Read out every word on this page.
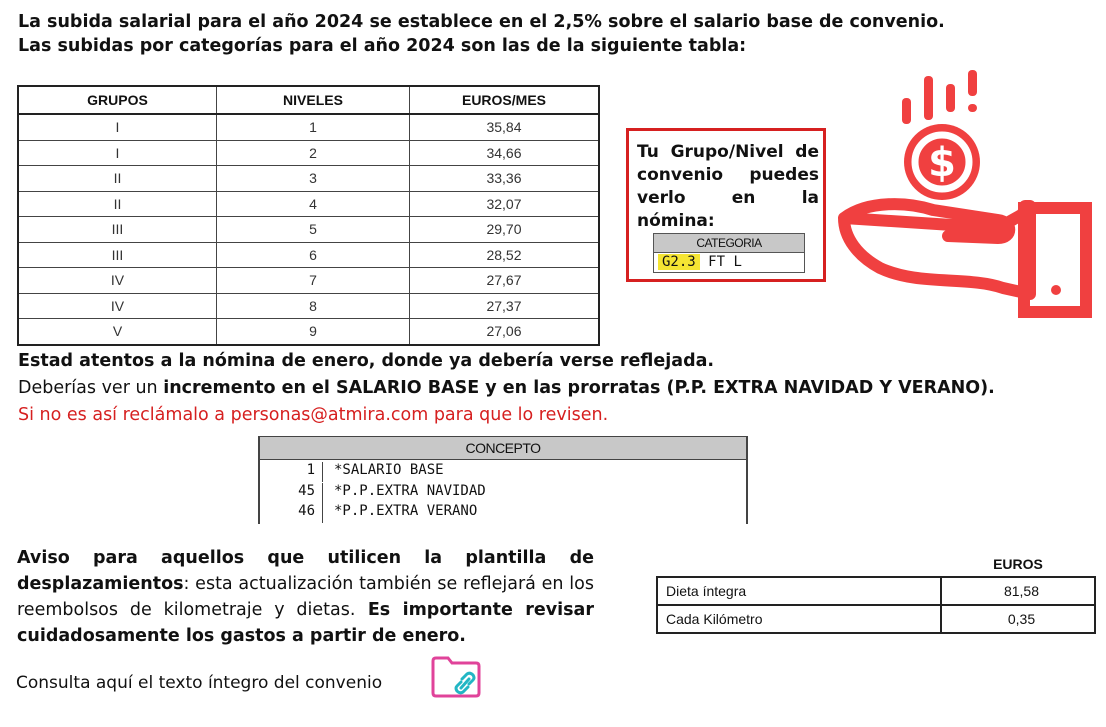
La subida salarial para el año 2024 se establece en el 2,5% sobre el salario base de convenio.
Las subidas por categorías para el año 2024 son las de la siguiente tabla:
GRUPOS	NIVELES	EUROS/MES
I	1	35,84
I	2	34,66
II	3	33,36
II	4	32,07
III	5	29,70
III	6	28,52
IV	7	27,67
IV	8	27,37
V	9	27,06
Tu Grupo/Nivel de convenio puedes verlo en la nómina:
CATEGORIA
G2.3 FT L
$
Estad atentos a la nómina de enero, donde ya debería verse reflejada.
Deberías ver un incremento en el SALARIO BASE y en las prorratas (P.P. EXTRA NAVIDAD Y VERANO).
Si no es así reclámalo a personas@atmira.com para que lo revisen.
CONCEPTO
1 *SALARIO BASE
45 *P.P.EXTRA NAVIDAD
46 *P.P.EXTRA VERANO
Aviso para aquellos que utilicen la plantilla de desplazamientos: esta actualización también se reflejará en los reembolsos de kilometraje y dietas. Es importante revisar cuidadosamente los gastos a partir de enero.
	EUROS
Dieta íntegra	81,58
Cada Kilómetro	0,35
Consulta aquí el texto íntegro del convenio
